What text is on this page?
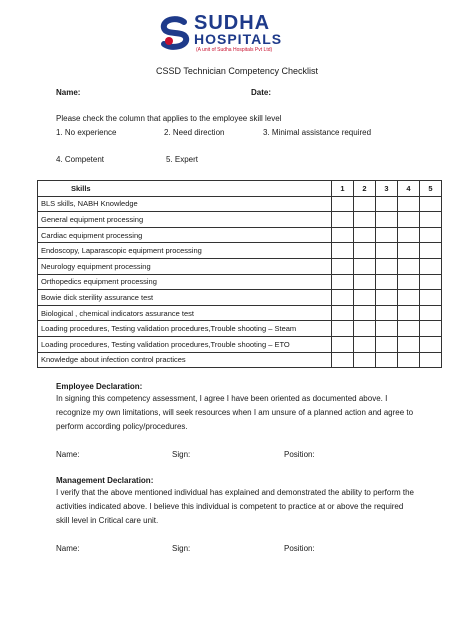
SUDHA
HOSPITALS
(A unit of Sudha Hospitals Pvt Ltd)
CSSD Technician Competency Checklist
Name:	Date:
Please check the column that applies to the employee skill level
1. No experience	2. Need direction	3. Minimal assistance required
4. Competent	5. Expert
Skills	1	2	3	4	5
BLS skills, NABH Knowledge					
General equipment processing					
Cardiac equipment processing					
Endoscopy, Laparascopic equipment processing					
Neurology equipment processing					
Orthopedics equipment processing					
Bowie dick sterility assurance test					
Biological , chemical indicators assurance test					
Loading procedures, Testing validation procedures,Trouble shooting – Steam					
Loading procedures, Testing validation procedures,Trouble shooting – ETO					
Knowledge about infection control practices					
Employee Declaration:
In signing this competency assessment, I agree I have been oriented as documented above. I recognize my own limitations, will seek resources when I am unsure of a planned action and agree to perform according policy/procedures.
Name:	Sign:	Position:
Management Declaration:
I verify that the above mentioned individual has explained and demonstrated the ability to perform the activities indicated above. I believe this individual is competent to practice at or above the required skill level in Critical care unit.
Name:	Sign:	Position:
